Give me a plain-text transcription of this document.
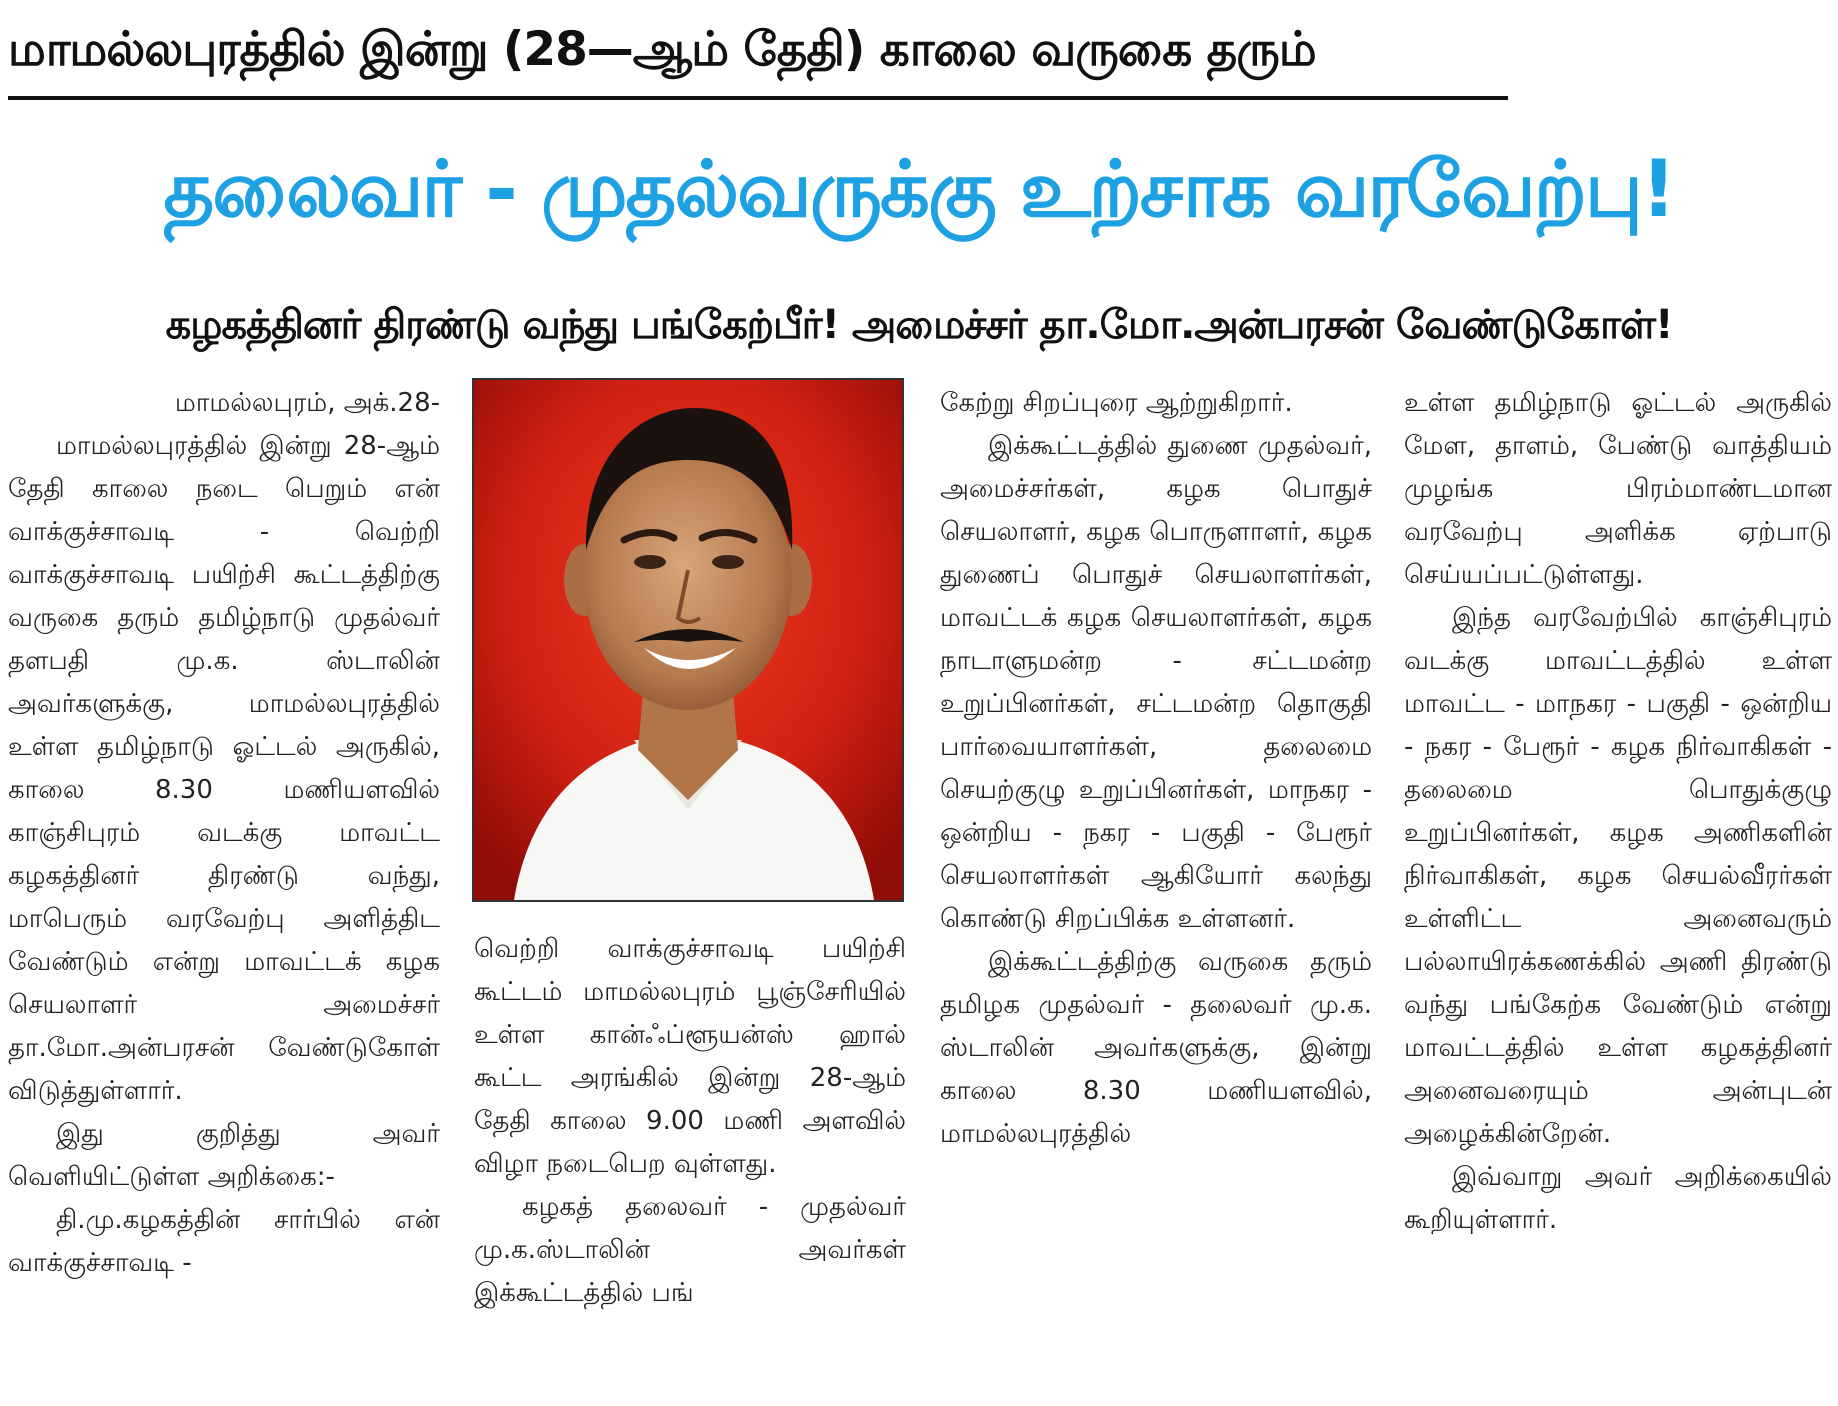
மாமல்லபுரத்தில் இன்று (28—ஆம் தேதி) காலை வருகை தரும்
தலைவர் - முதல்வருக்கு உற்சாக வரவேற்பு!
கழகத்தினர் திரண்டு வந்து பங்கேற்பீர்! அமைச்சர் தா.மோ.அன்பரசன் வேண்டுகோள்!

மாமல்லபுரம், அக்.28-

மாமல்லபுரத்தில் இன்று 28-ஆம் தேதி காலை நடை பெறும் என் வாக்குச்சாவடி - வெற்றி வாக்குச்சாவடி பயிற்சி கூட்டத்திற்கு வருகை தரும் தமிழ்நாடு முதல்வர் தளபதி மு.க. ஸ்டாலின் அவர்களுக்கு, மாமல்லபுரத்தில் உள்ள தமிழ்நாடு ஓட்டல் அருகில், காலை 8.30 மணியளவில் காஞ்சிபுரம் வடக்கு மாவட்ட கழகத்தினர் திரண்டு வந்து, மாபெரும் வரவேற்பு அளித்திட வேண்டும் என்று மாவட்டக் கழக செயலாளர் அமைச்சர் தா.மோ.அன்பரசன் வேண்டுகோள் விடுத்துள்ளார்.

இது குறித்து அவர் வெளியிட்டுள்ள அறிக்கை:-

தி.மு.கழகத்தின் சார்பில் என் வாக்குச்சாவடி -

வெற்றி வாக்குச்சாவடி பயிற்சி கூட்டம் மாமல்லபுரம் பூஞ்சேரியில் உள்ள கான்ஃப்ளூயன்ஸ் ஹால் கூட்ட அரங்கில் இன்று 28-ஆம் தேதி காலை 9.00 மணி அளவில் விழா நடைபெற வுள்ளது.

கழகத் தலைவர் - முதல்வர் மு.க.ஸ்டாலின் அவர்கள் இக்கூட்டத்தில் பங்

கேற்று சிறப்புரை ஆற்றுகிறார்.

இக்கூட்டத்தில் துணை முதல்வர், அமைச்சர்கள், கழக பொதுச் செயலாளர், கழக பொருளாளர், கழக துணைப் பொதுச் செயலாளர்கள், மாவட்டக் கழக செயலாளர்கள், கழக நாடாளுமன்ற - சட்டமன்ற உறுப்பினர்கள், சட்டமன்ற தொகுதி பார்வையாளர்கள், தலைமை செயற்குழு உறுப்பினர்கள், மாநகர - ஒன்றிய - நகர - பகுதி - பேரூர் செயலாளர்கள் ஆகியோர் கலந்து கொண்டு சிறப்பிக்க உள்ளனர்.

இக்கூட்டத்திற்கு வருகை தரும் தமிழக முதல்வர் - தலைவர் மு.க. ஸ்டாலின் அவர்களுக்கு, இன்று காலை 8.30 மணியளவில், மாமல்லபுரத்தில்

உள்ள தமிழ்நாடு ஓட்டல் அருகில் மேள, தாளம், பேண்டு வாத்தியம் முழங்க பிரம்மாண்டமான வரவேற்பு அளிக்க ஏற்பாடு செய்யப்பட்டுள்ளது.

இந்த வரவேற்பில் காஞ்சிபுரம் வடக்கு மாவட்டத்தில் உள்ள மாவட்ட - மாநகர - பகுதி - ஒன்றிய - நகர - பேரூர் - கழக நிர்வாகிகள் - தலைமை பொதுக்குழு உறுப்பினர்கள், கழக அணிகளின் நிர்வாகிகள், கழக செயல்வீரர்கள் உள்ளிட்ட அனைவரும் பல்லாயிரக்கணக்கில் அணி திரண்டு வந்து பங்கேற்க வேண்டும் என்று மாவட்டத்தில் உள்ள கழகத்தினர் அனைவரையும் அன்புடன் அழைக்கின்றேன்.

இவ்வாறு அவர் அறிக்கையில் கூறியுள்ளார்.
